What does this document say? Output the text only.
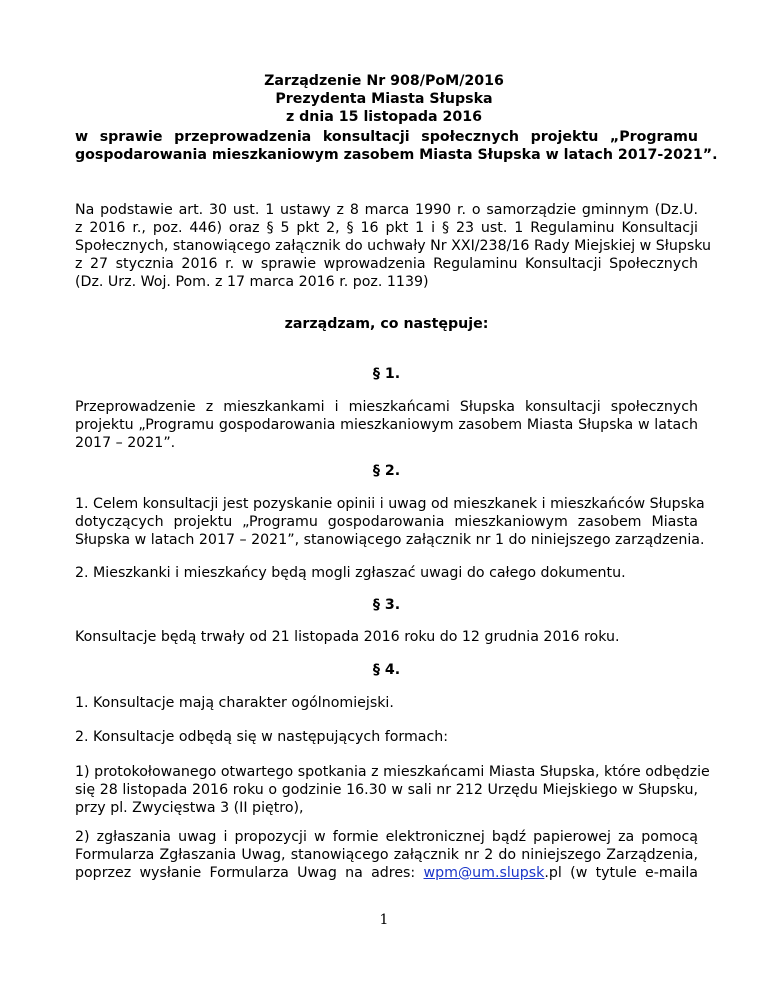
Zarządzenie Nr 908/PoM/2016
Prezydenta Miasta Słupska
z dnia 15 listopada 2016
w sprawie przeprowadzenia konsultacji społecznych projektu „Programu
gospodarowania mieszkaniowym zasobem Miasta Słupska w latach 2017-2021”.
Na podstawie art. 30 ust. 1 ustawy z 8 marca 1990 r. o samorządzie gminnym (Dz.U.
z 2016 r., poz. 446) oraz § 5 pkt 2, § 16 pkt 1 i § 23 ust. 1 Regulaminu Konsultacji
Społecznych, stanowiącego załącznik do uchwały Nr XXI/238/16 Rady Miejskiej w Słupsku
z 27 stycznia 2016 r. w sprawie wprowadzenia Regulaminu Konsultacji Społecznych
(Dz. Urz. Woj. Pom. z 17 marca 2016 r. poz. 1139)
zarządzam, co następuje:
§ 1.
Przeprowadzenie z mieszkankami i mieszkańcami Słupska konsultacji społecznych
projektu „Programu gospodarowania mieszkaniowym zasobem Miasta Słupska w latach
2017 – 2021”.
§ 2.
1. Celem konsultacji jest pozyskanie opinii i uwag od mieszkanek i mieszkańców Słupska
dotyczących projektu „Programu gospodarowania mieszkaniowym zasobem Miasta
Słupska w latach 2017 – 2021”, stanowiącego załącznik nr 1 do niniejszego zarządzenia.
2. Mieszkanki i mieszkańcy będą mogli zgłaszać uwagi do całego dokumentu.
§ 3.
Konsultacje będą trwały od 21 listopada 2016 roku do 12 grudnia 2016 roku.
§ 4.
1. Konsultacje mają charakter ogólnomiejski.
2. Konsultacje odbędą się w następujących formach:
1) protokołowanego otwartego spotkania z mieszkańcami Miasta Słupska, które odbędzie
się 28 listopada 2016 roku o godzinie 16.30 w sali nr 212 Urzędu Miejskiego w Słupsku,
przy pl. Zwycięstwa 3 (II piętro),
2) zgłaszania uwag i propozycji w formie elektronicznej bądź papierowej za pomocą
Formularza Zgłaszania Uwag, stanowiącego załącznik nr 2 do niniejszego Zarządzenia,
poprzez wysłanie Formularza Uwag na adres: wpm@um.slupsk.pl (w tytule e-maila
1
